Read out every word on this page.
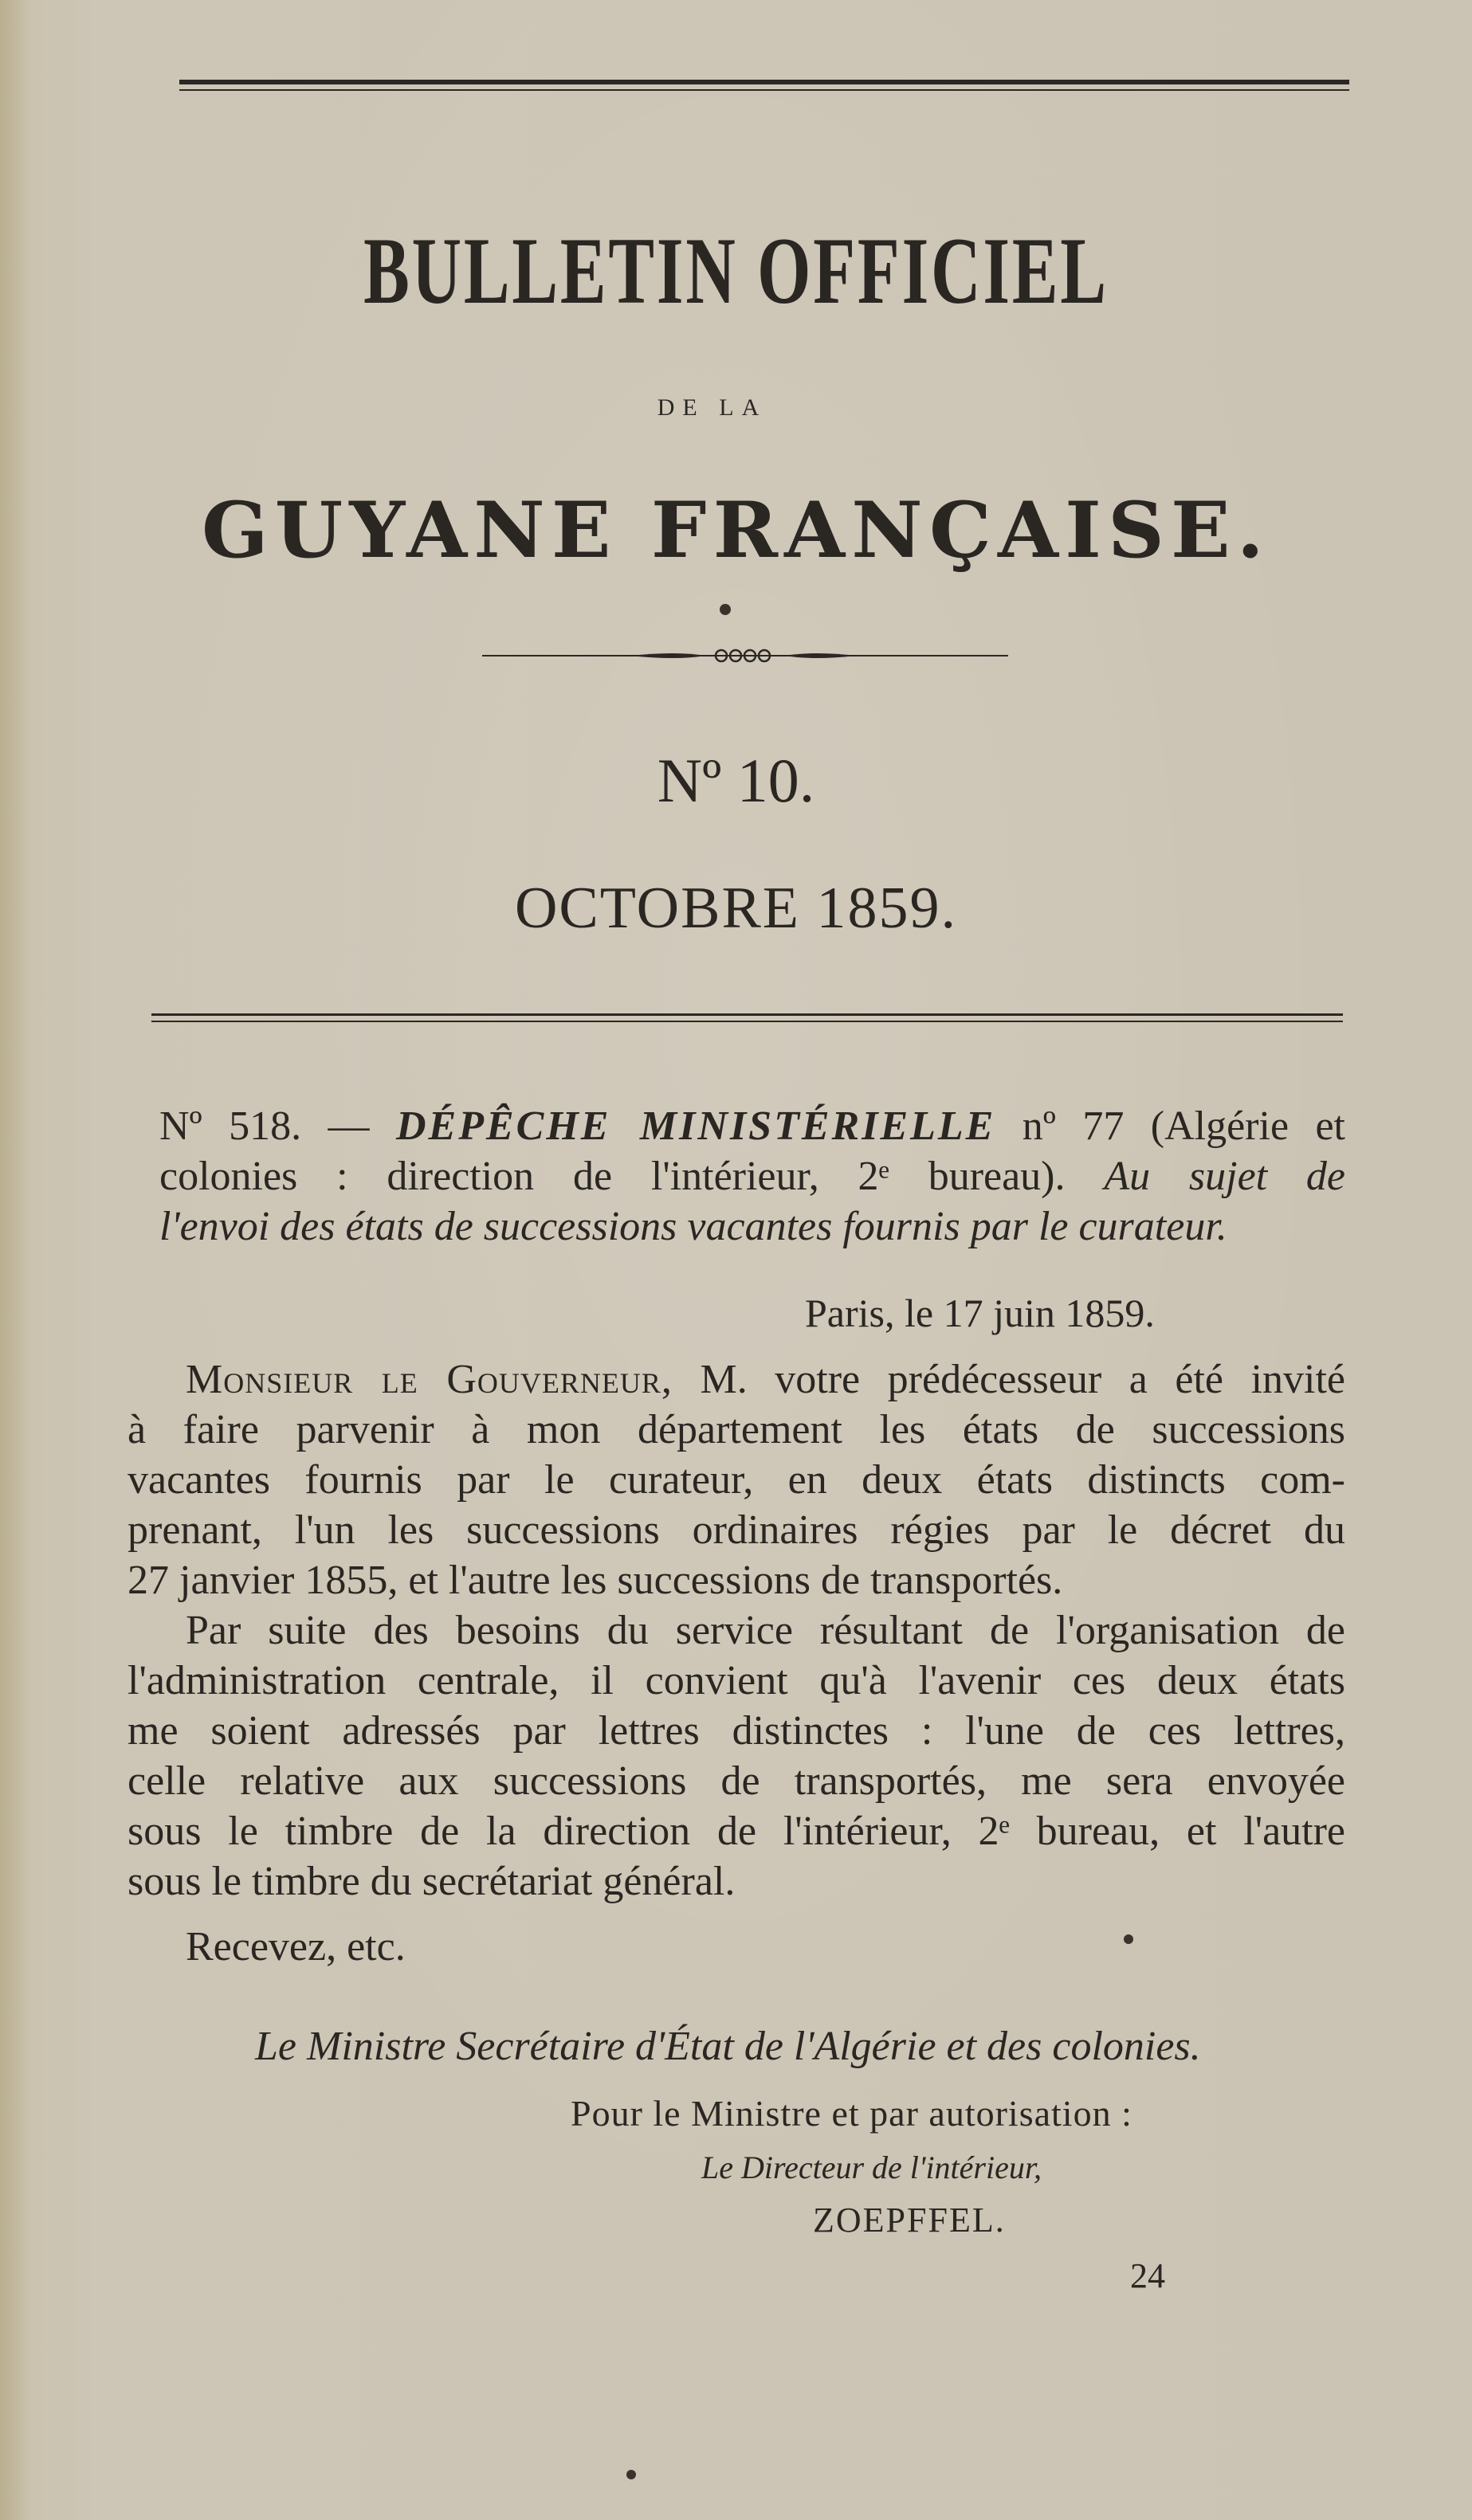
BULLETIN OFFICIEL
DE LA
GUYANE FRANÇAISE.
Nº 10.
OCTOBRE 1859.
Nº 518. — DÉPÊCHE MINISTÉRIELLE nº 77 (Algérie et
colonies : direction de l'intérieur, 2ᵉ bureau). Au sujet de
l'envoi des états de successions vacantes fournis par le curateur.
Paris, le 17 juin 1859.
Monsieur le Gouverneur, M. votre prédécesseur a été invité
à faire parvenir à mon département les états de successions
vacantes fournis par le curateur, en deux états distincts com-
prenant, l'un les successions ordinaires régies par le décret du
27 janvier 1855, et l'autre les successions de transportés.
Par suite des besoins du service résultant de l'organisation de
l'administration centrale, il convient qu'à l'avenir ces deux états
me soient adressés par lettres distinctes : l'une de ces lettres,
celle relative aux successions de transportés, me sera envoyée
sous le timbre de la direction de l'intérieur, 2ᵉ bureau, et l'autre
sous le timbre du secrétariat général.
Recevez, etc.
Le Ministre Secrétaire d'État de l'Algérie et des colonies.
Pour le Ministre et par autorisation :
Le Directeur de l'intérieur,
ZOEPFFEL.
24
